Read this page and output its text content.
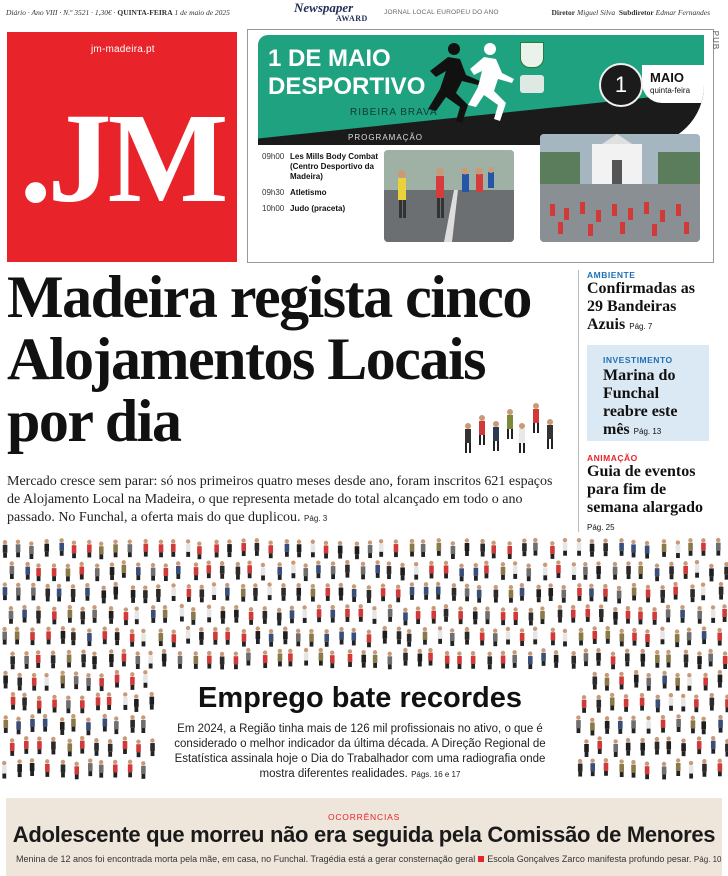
Diário · Ano VIII · N.º 3521 · 1,30€ · QUINTA-FEIRA 1 de maio de 2025	Newspaper
AWARD
JORNAL LOCAL EUROPEU DO ANO	Diretor Miguel Silva Subdiretor Edmar Fernandes
jm-madeira.pt
.JM
1 DE MAIO
DESPORTIVO
RIBEIRA BRAVA
PROGRAMAÇÃO
1	MAIO
quinta-feira
PUB
09h00 Les Mills Body Combat (Centro Desportivo da Madeira)
09h30 Atletismo
10h00 Judo (praceta)
Madeira regista cinco Alojamentos Locais por dia
Mercado cresce sem parar: só nos primeiros quatro meses desde ano, foram inscritos 621 espaços de Alojamento Local na Madeira, o que representa metade do total alcançado em todo o ano passado. No Funchal, a oferta mais do que duplicou. Pág. 3
AMBIENTE
Confirmadas as 29 Bandeiras Azuis Pág. 7
INVESTIMENTO
Marina do Funchal reabre este mês Pág. 13
ANIMAÇÃO
Guia de eventos para fim de semana alargado Pág. 25
Emprego bate recordes
Em 2024, a Região tinha mais de 126 mil profissionais no ativo, o que é considerado o melhor indicador da última década. A Direção Regional de Estatística assinala hoje o Dia do Trabalhador com uma radiografia onde mostra diferentes realidades. Págs. 16 e 17
OCORRÊNCIAS
Adolescente que morreu não era seguida pela Comissão de Menores
Menina de 12 anos foi encontrada morta pela mãe, em casa, no Funchal. Tragédia está a gerar consternação geral Escola Gonçalves Zarco manifesta profundo pesar. Pág. 10
